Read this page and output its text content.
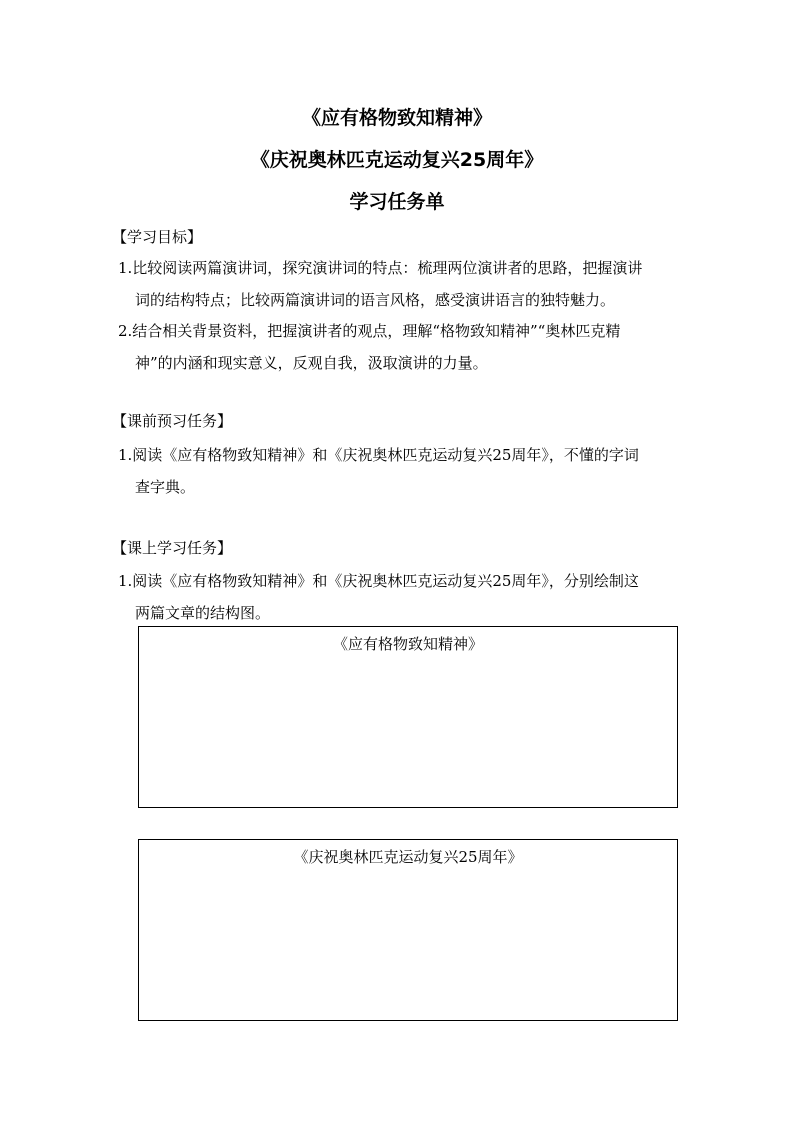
《应有格物致知精神》
《庆祝奥林匹克运动复兴25周年》
学习任务单
【学习目标】
1.比较阅读两篇演讲词，探究演讲词的特点：梳理两位演讲者的思路，把握演讲
词的结构特点；比较两篇演讲词的语言风格，感受演讲语言的独特魅力。
2.结合相关背景资料，把握演讲者的观点，理解“格物致知精神”“奥林匹克精
神”的内涵和现实意义，反观自我，汲取演讲的力量。
【课前预习任务】
1.阅读《应有格物致知精神》和《庆祝奥林匹克运动复兴25周年》，不懂的字词
查字典。
【课上学习任务】
1.阅读《应有格物致知精神》和《庆祝奥林匹克运动复兴25周年》，分别绘制这
两篇文章的结构图。
《应有格物致知精神》
《庆祝奥林匹克运动复兴25周年》
